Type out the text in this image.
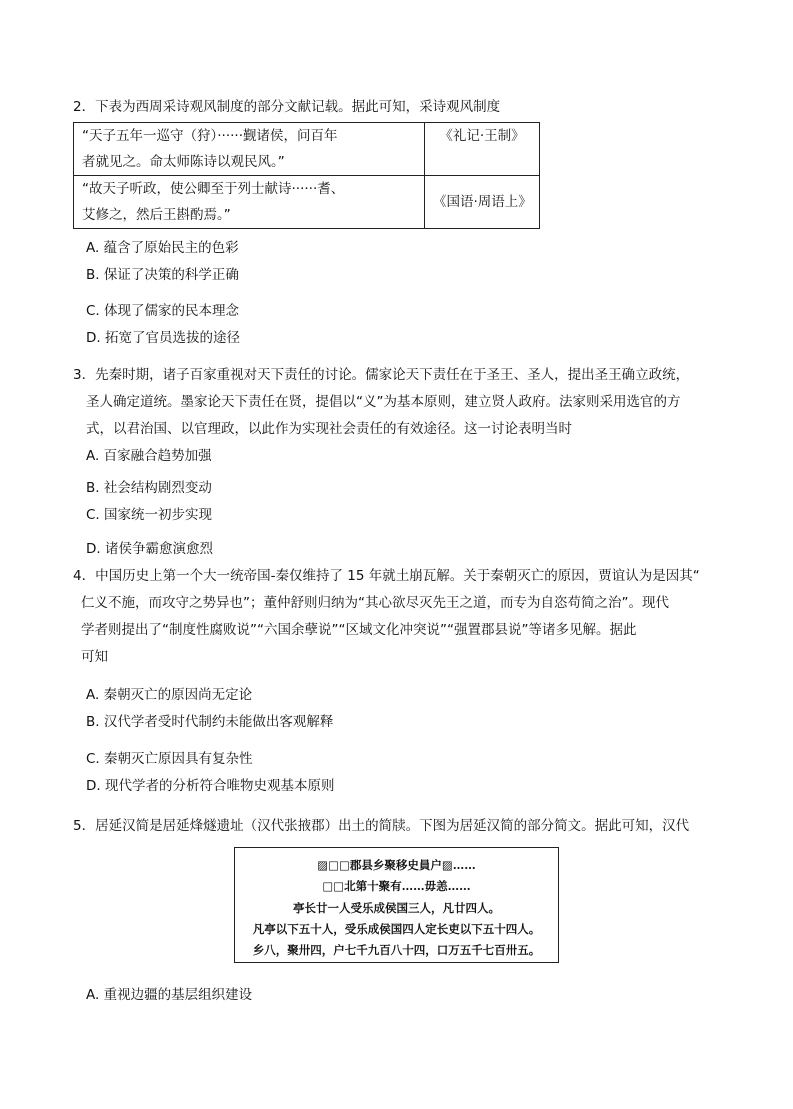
2．下表为西周采诗观风制度的部分文献记载。据此可知，采诗观风制度
“天子五年一巡守（狩）······觐诸侯，问百年
者就见之。命太师陈诗以观民风。”	《礼记·王制》

“故天子听政，使公卿至于列士献诗······耆、
艾修之，然后王斟酌焉。”	《国语·周语上》
A. 蕴含了原始民主的色彩
B. 保证了决策的科学正确
C. 体现了儒家的民本理念
D. 拓宽了官员选拔的途径
3．先秦时期，诸子百家重视对天下责任的讨论。儒家论天下责任在于圣王、圣人，提出圣王确立政统，
圣人确定道统。墨家论天下责任在贤，提倡以“义”为基本原则，建立贤人政府。法家则采用选官的方
式，以君治国、以官理政，以此作为实现社会责任的有效途径。这一讨论表明当时
A. 百家融合趋势加强
B. 社会结构剧烈变动
C. 国家统一初步实现
D. 诸侯争霸愈演愈烈
4．中国历史上第一个大一统帝国-秦仅维持了 15 年就土崩瓦解。关于秦朝灭亡的原因，贾谊认为是因其“
仁义不施，而攻守之势异也”；董仲舒则归纳为“其心欲尽灭先王之道，而专为自恣苟简之治”。现代
学者则提出了“制度性腐败说”“六国余孽说”“区域文化冲突说”“强置郡县说”等诸多见解。据此
可知
A. 秦朝灭亡的原因尚无定论
B. 汉代学者受时代制约未能做出客观解释
C. 秦朝灭亡原因具有复杂性
D. 现代学者的分析符合唯物史观基本原则
5．居延汉简是居延烽燧遗址（汉代张掖郡）出土的简牍。下图为居延汉简的部分简文。据此可知，汉代
▨□□郡县乡聚移史員户▨……
□□北第十聚有……毋恙……
亭长廿一人受乐成侯国三人，凡廿四人。
凡亭以下五十人，受乐成侯国四人定长吏以下五十四人。
乡八，聚卅四，户七千九百八十四，口万五千七百卅五。
A. 重视边疆的基层组织建设
